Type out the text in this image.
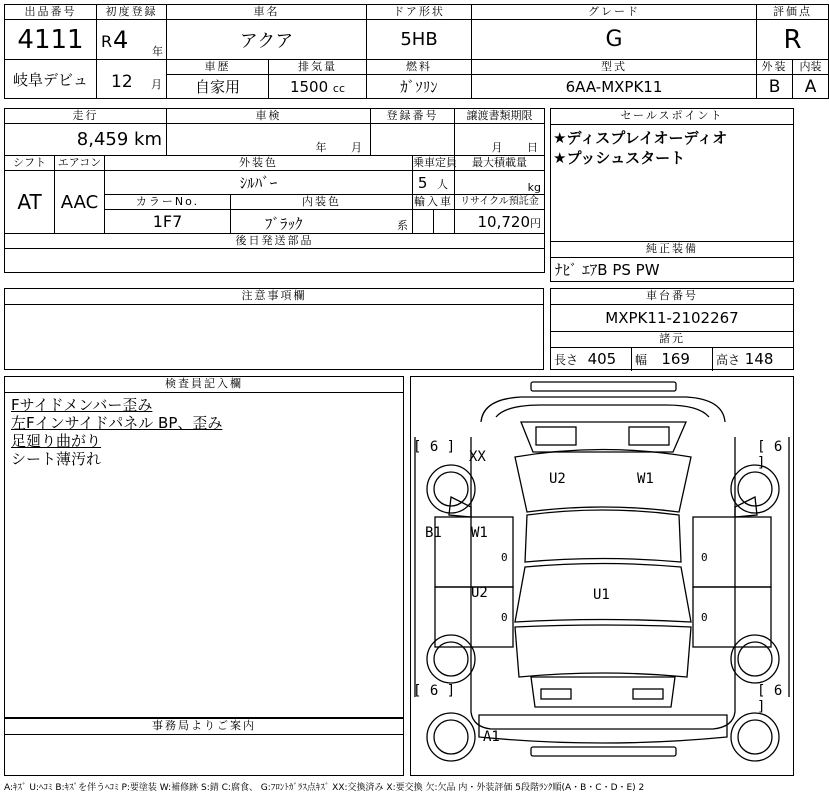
出品番号	初度登録	車名		ドア形状	グレード	評価点	
4111	R 4 年	アクア		5HB	G	R	
岐阜デビュ	12 月	車歴	排気量	燃料	型式	外装	内装
		自家用	1500 cc	ｶﾞｿﾘﾝ	6AA-MXPK11	B	A
走行			車検		登録番号		譲渡書類期限
8,459 km			年 月				月 日
シフト	エアコン	外装色				乗車定員	最大積載量
AT	AAC	ｼﾙﾊﾞｰ				5 人	kg
		カラーNo.		内装色		輸入車	リサイクル預託金
		1F7		ﾌﾞﾗｯｸ 系			10,720円
後日発送部品							

セールスポイント
★ディスプレイオーディオ
★プッシュスタート
純正装備
ﾅﾋﾞ ｴｱB PS PW
注意事項欄	車台番号
MXPK11-2102267
諸元
長さ 405	幅 169	高さ 148
検査員記入欄
Fサイドメンバー歪み
左Fインサイドパネル BP、歪み
足廻り曲がり
シート薄汚れ
事務局よりご案内
[ 6 ]	[ 6 ]
[ 6 ]	[ 6 ]
XX
U2	W1
B1 W1
U2	U1
A1
0
0
0
0
A:ｷｽﾞ U:ﾍｺﾐ B:ｷｽﾞを伴うﾍｺﾐ P:要塗装 W:補修跡 S:錆 C:腐食、 G:ﾌﾛﾝﾄｶﾞﾗｽ点ｷｽﾞ XX:交換済み X:要交換 欠:欠品 内・外装評価 5段階ﾗﾝｸ順(A・B・C・D・E) 2
